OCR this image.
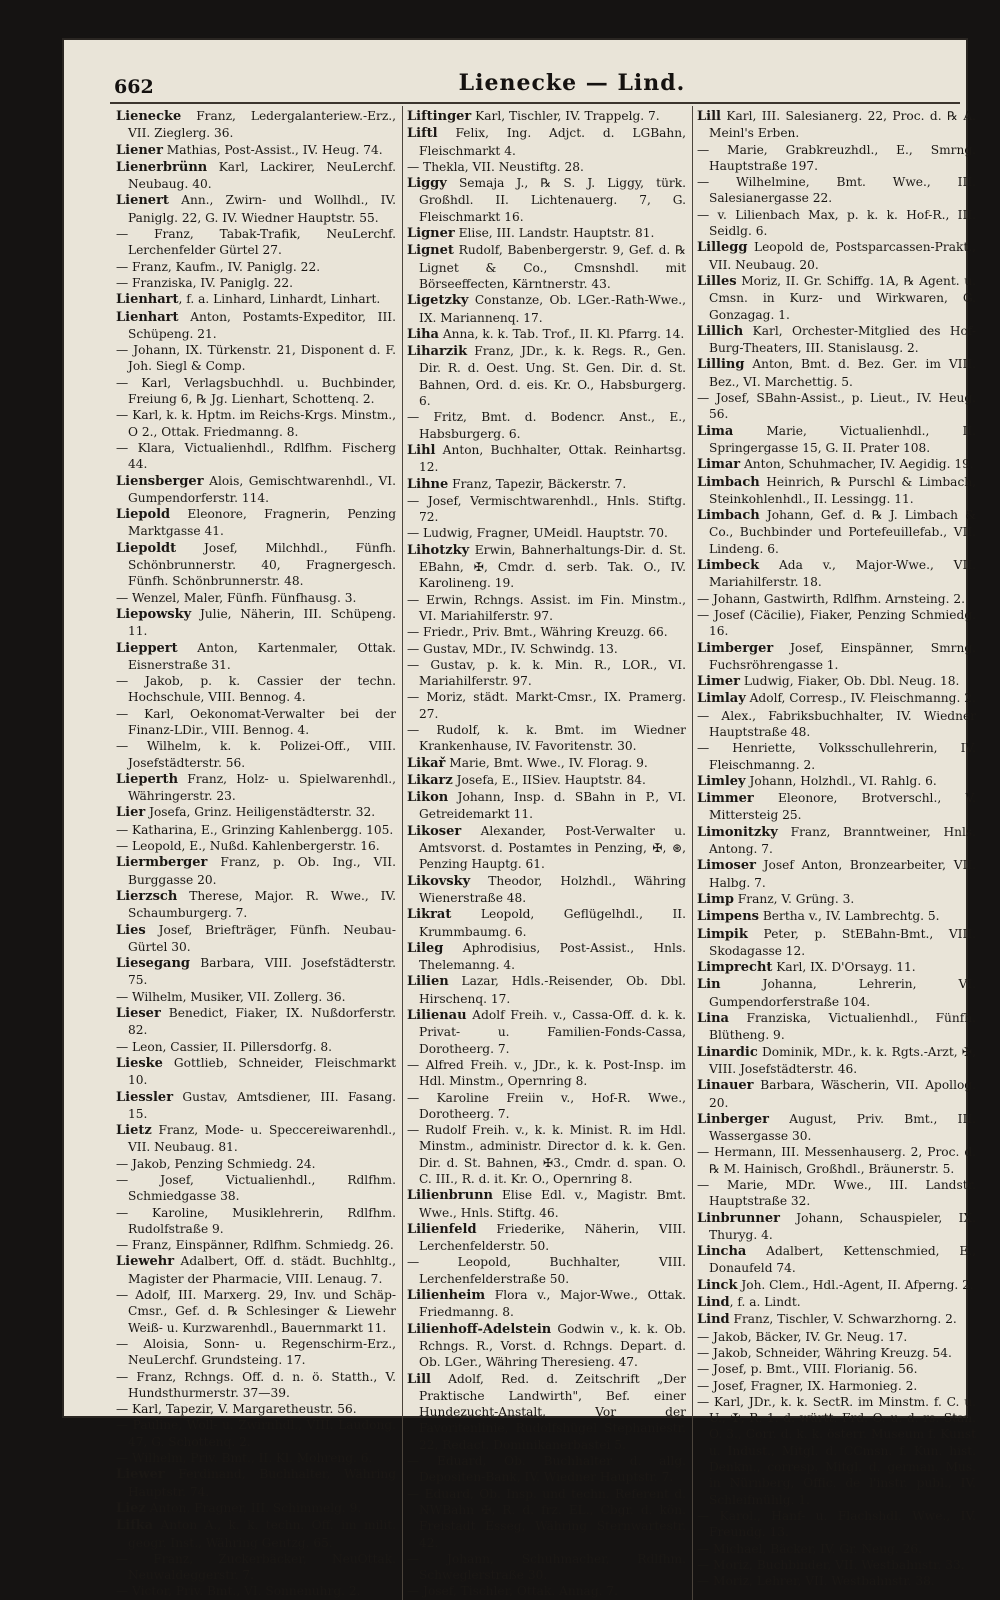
662	Lienecke — Lind.

Lienecke Franz, Ledergalanteriew.-Erz., VII. Zieglerg. 36.

Liener Mathias, Post-Assist., IV. Heug. 74.

Lienerbrünn Karl, Lackirer, NeuLerchf. Neubaug. 40.

Lienert Ann., Zwirn- und Wollhdl., IV. Paniglg. 22, G. IV. Wiedner Hauptstr. 55.

— Franz, Tabak-Trafik, NeuLerchf. Lerchenfelder Gürtel 27.

— Franz, Kaufm., IV. Paniglg. 22.

— Franziska, IV. Paniglg. 22.

Lienhart, f. a. Linhard, Linhardt, Linhart.

Lienhart Anton, Postamts-Expeditor, III. Schüpeng. 21.

— Johann, IX. Türkenstr. 21, Disponent d. F. Joh. Siegl & Comp.

— Karl, Verlagsbuchhdl. u. Buchbinder, Freiung 6, ℞ Jg. Lienhart, Schottenq. 2.

— Karl, k. k. Hptm. im Reichs-Krgs. Minstm., O 2., Ottak. Friedmanng. 8.

— Klara, Victualienhdl., Rdlfhm. Fischerg 44.

Liensberger Alois, Gemischtwarenhdl., VI. Gumpendorferstr. 114.

Liepold Eleonore, Fragnerin, Penzing Marktgasse 41.

Liepoldt Josef, Milchhdl., Fünfh. Schönbrunnerstr. 40, Fragnergesch. Fünfh. Schönbrunnerstr. 48.

— Wenzel, Maler, Fünfh. Fünfhausg. 3.

Liepowsky Julie, Näherin, III. Schüpeng. 11.

Lieppert Anton, Kartenmaler, Ottak. Eisnerstraße 31.

— Jakob, p. k. Cassier der techn. Hochschule, VIII. Bennog. 4.

— Karl, Oekonomat-Verwalter bei der Finanz-LDir., VIII. Bennog. 4.

— Wilhelm, k. k. Polizei-Off., VIII. Josefstädterstr. 56.

Lieperth Franz, Holz- u. Spielwarenhdl., Währingerstr. 23.

Lier Josefa, Grinz. Heiligenstädterstr. 32.

— Katharina, E., Grinzing Kahlenbergg. 105.

— Leopold, E., Nußd. Kahlenbergerstr. 16.

Liermberger Franz, p. Ob. Ing., VII. Burggasse 20.

Lierzsch Therese, Major. R. Wwe., IV. Schaumburgerg. 7.

Lies Josef, Briefträger, Fünfh. Neubau-Gürtel 30.

Liesegang Barbara, VIII. Josefstädterstr. 75.

— Wilhelm, Musiker, VII. Zollerg. 36.

Lieser Benedict, Fiaker, IX. Nußdorferstr. 82.

— Leon, Cassier, II. Pillersdorfg. 8.

Lieske Gottlieb, Schneider, Fleischmarkt 10.

Liessler Gustav, Amtsdiener, III. Fasang. 15.

Lietz Franz, Mode- u. Speccereiwarenhdl., VII. Neubaug. 81.

— Jakob, Penzing Schmiedg. 24.

— Josef, Victualienhdl., Rdlfhm. Schmiedgasse 38.

— Karoline, Musiklehrerin, Rdlfhm. Rudolfstraße 9.

— Franz, Einspänner, Rdlfhm. Schmiedg. 26.

Liewehr Adalbert, Off. d. städt. Buchhltg., Magister der Pharmacie, VIII. Lenaug. 7.

— Adolf, III. Marxerg. 29, Inv. und Schäp-Cmsr., Gef. d. ℞ Schlesinger & Liewehr Weiß- u. Kurzwarenhdl., Bauernmarkt 11.

— Aloisia, Sonn- u. Regenschirm-Erz., NeuLerchf. Grundsteing. 17.

— Franz, Rchngs. Off. d. n. ö. Statth., V. Hundsthurmerstr. 37—39.

— Karl, Tapezir, V. Margaretheustr. 56.

— Pauline, Woll- u. Zwirnhdl., VIII. Laudong. 47, G. Schottenq. 2.

— Wilhelm, Priv. Bmt., II. Kl. Mohreng. 6.

Liewer Ferdinand, Buchhalter, Währing Hauptstr. 74.

Liez Anton, Fragner, III. Schimmelg. 9.

Lifka Anton A., k. k. techn. Off. im milit. geogr. Inst., Währing Gentzg. 65.

— Franz, Zuckerbäcker, NeuOttak. Neuwaldeggerstr. 7.

— Victor, Priv. Bmt., VI. Sonnenuhrg. 2.

Liftinger Karl, Tischler, IV. Trappelg. 7.

Liftl Felix, Ing. Adjct. d. LGBahn, Fleischmarkt 4.

— Thekla, VII. Neustiftg. 28.

Liggy Semaja J., ℞ S. J. Liggy, türk. Großhdl. II. Lichtenauerg. 7, G. Fleischmarkt 16.

Ligner Elise, III. Landstr. Hauptstr. 81.

Lignet Rudolf, Babenbergerstr. 9, Gef. d. ℞ Lignet & Co., Cmsnshdl. mit Börseeffecten, Kärntnerstr. 43.

Ligetzky Constanze, Ob. LGer.-Rath-Wwe., IX. Mariannenq. 17.

Liha Anna, k. k. Tab. Trof., II. Kl. Pfarrg. 14.

Liharzik Franz, JDr., k. k. Regs. R., Gen. Dir. R. d. Oest. Ung. St. Gen. Dir. d. St. Bahnen, Ord. d. eis. Kr. O., Habsburgerg. 6.

— Fritz, Bmt. d. Bodencr. Anst., E., Habsburgerg. 6.

Lihl Anton, Buchhalter, Ottak. Reinhartsg. 12.

Lihne Franz, Tapezir, Bäckerstr. 7.

— Josef, Vermischtwarenhdl., Hnls. Stiftg. 72.

— Ludwig, Fragner, UMeidl. Hauptstr. 70.

Lihotzky Erwin, Bahnerhaltungs-Dir. d. St. EBahn, ✠, Cmdr. d. serb. Tak. O., IV. Karolineng. 19.

— Erwin, Rchngs. Assist. im Fin. Minstm., VI. Mariahilferstr. 97.

— Friedr., Priv. Bmt., Währing Kreuzg. 66.

— Gustav, MDr., IV. Schwindg. 13.

— Gustav, p. k. k. Min. R., LOR., VI. Mariahilferstr. 97.

— Moriz, städt. Markt-Cmsr., IX. Pramerg. 27.

— Rudolf, k. k. Bmt. im Wiedner Krankenhause, IV. Favoritenstr. 30.

Likař Marie, Bmt. Wwe., IV. Florag. 9.

Likarz Josefa, E., IISiev. Hauptstr. 84.

Likon Johann, Insp. d. SBahn in P., VI. Getreidemarkt 11.

Likoser Alexander, Post-Verwalter u. Amtsvorst. d. Postamtes in Penzing, ✠, ⊛, Penzing Hauptg. 61.

Likovsky Theodor, Holzhdl., Währing Wienerstraße 48.

Likrat Leopold, Geflügelhdl., II. Krummbaumg. 6.

Lileg Aphrodisius, Post-Assist., Hnls. Thelemanng. 4.

Lilien Lazar, Hdls.-Reisender, Ob. Dbl. Hirschenq. 17.

Lilienau Adolf Freih. v., Cassa-Off. d. k. k. Privat- u. Familien-Fonds-Cassa, Dorotheerg. 7.

— Alfred Freih. v., JDr., k. k. Post-Insp. im Hdl. Minstm., Opernring 8.

— Karoline Freiin v., Hof-R. Wwe., Dorotheerg. 7.

— Rudolf Freih. v., k. k. Minist. R. im Hdl. Minstm., administr. Director d. k. k. Gen. Dir. d. St. Bahnen, ✠3., Cmdr. d. span. O. C. III., R. d. it. Kr. O., Opernring 8.

Lilienbrunn Elise Edl. v., Magistr. Bmt. Wwe., Hnls. Stiftg. 46.

Lilienfeld Friederike, Näherin, VIII. Lerchenfelderstr. 50.

— Leopold, Buchhalter, VIII. Lerchenfelderstraße 50.

Lilienheim Flora v., Major-Wwe., Ottak. Friedmanng. 8.

Lilienhoff-Adelstein Godwin v., k. k. Ob. Rchngs. R., Vorst. d. Rchngs. Depart. d. Ob. LGer., Währing Theresieng. 47.

Lill Adolf, Red. d. Zeitschrift „Der Praktische Landwirth", Bef. einer Hundezucht-Anstalt, Vor der Favoritenlinie, Rudolfshügel Stephaniestr. 22, Redact. Dominikanerbastei 5.

— Eduard, Ob. Buchhalter d. allg. Depositen-Bank, IV. Wiedner Hauptstr. 7.

— Eduard, Ob. Insp. und techn. Referent d. NWBahn ✠, R. d. frz. EL., Cbgr. d. kön. Freistadt Esseg, Währing Sternwartestr. 42.

— Johann, Schuhmacher, Rdlfhm. Schweglerstraße 30.

— Josef, Tischler, Ottak. Annag. 7.

Lill Karl, III. Salesianerg. 22, Proc. d. ℞ A. Meinl's Erben.

— Marie, Grabkreuzhdl., E., Smrng. Hauptstraße 197.

— Wilhelmine, Bmt. Wwe., III. Salesianergasse 22.

— v. Lilienbach Max, p. k. k. Hof-R., III. Seidlg. 6.

Lillegg Leopold de, Postsparcassen-Prakt., VII. Neubaug. 20.

Lilles Moriz, II. Gr. Schiffg. 1A, ℞ Agent. u. Cmsn. in Kurz- und Wirkwaren, G. Gonzagag. 1.

Lillich Karl, Orchester-Mitglied des Hof-Burg-Theaters, III. Stanislausg. 2.

Lilling Anton, Bmt. d. Bez. Ger. im VIII. Bez., VI. Marchettig. 5.

— Josef, SBahn-Assist., p. Lieut., IV. Heug. 56.

Lima Marie, Victualienhdl., II. Springergasse 15, G. II. Prater 108.

Limar Anton, Schuhmacher, IV. Aegidig. 19.

Limbach Heinrich, ℞ Purschl & Limbach, Steinkohlenhdl., II. Lessingg. 11.

Limbach Johann, Gef. d. ℞ J. Limbach & Co., Buchbinder und Portefeuillefab., VII. Lindeng. 6.

Limbeck Ada v., Major-Wwe., VII. Mariahilferstr. 18.

— Johann, Gastwirth, Rdlfhm. Arnsteing. 2.

— Josef (Cäcilie), Fiaker, Penzing Schmiedg. 16.

Limberger Josef, Einspänner, Smrng. Fuchsröhrengasse 1.

Limer Ludwig, Fiaker, Ob. Dbl. Neug. 18.

Limlay Adolf, Corresp., IV. Fleischmanng. 2.

— Alex., Fabriksbuchhalter, IV. Wiedner Hauptstraße 48.

— Henriette, Volksschullehrerin, IV. Fleischmanng. 2.

Limley Johann, Holzhdl., VI. Rahlg. 6.

Limmer Eleonore, Brotverschl., V. Mittersteig 25.

Limonitzky Franz, Branntweiner, Hnls. Antong. 7.

Limoser Josef Anton, Bronzearbeiter, VII. Halbg. 7.

Limp Franz, V. Grüng. 3.

Limpens Bertha v., IV. Lambrechtg. 5.

Limpik Peter, p. StEBahn-Bmt., VIII. Skodagasse 12.

Limprecht Karl, IX. D'Orsayg. 11.

Lin Johanna, Lehrerin, VI. Gumpendorferstraße 104.

Lina Franziska, Victualienhdl., Fünfh. Blütheng. 9.

Linardic Dominik, MDr., k. k. Rgts.-Arzt, ✠, VIII. Josefstädterstr. 46.

Linauer Barbara, Wäscherin, VII. Apollog. 20.

Linberger August, Priv. Bmt., III. Wassergasse 30.

— Hermann, III. Messenhauserg. 2, Proc. d. ℞ M. Hainisch, Großhdl., Bräunerstr. 5.

— Marie, MDr. Wwe., III. Landstr. Hauptstraße 32.

Linbrunner Johann, Schauspieler, IX. Thuryg. 4.

Lincha Adalbert, Kettenschmied, E., Donaufeld 74.

Linck Joh. Clem., Hdl.-Agent, II. Afperng. 2.

Lind, f. a. Lindt.

Lind Franz, Tischler, V. Schwarzhorng. 2.

— Jakob, Bäcker, IV. Gr. Neug. 17.

— Jakob, Schneider, Währing Kreuzg. 54.

— Josef, p. Bmt., VIII. Florianig. 56.

— Josef, Fragner, IX. Harmonieg. 2.

— Karl, JDr., k. k. SectR. im Minstm. f. C. u. U., ✠, R. 1. d. württ. Frd. O. u. d. rs. Stan. O. 3., Corr. d. k. k. österr. Museum f. Kunst u. Indust., Mitgl. d. CCmsn. f. Kun. hist. Denkm., corresp. Mitgl. d. german. Mus. in Nürnberg, Offic. de l'instr. publ., IV. Schleifmühlg. 1.

— Karol., Hanf- u. Flachshdl. Wwe., IV. Freundg. 13.

— Michael, Bäcker, IV. Gr. Neug. 26.

— Moriz, Buchbinder, VII. Westbahnstr. 33.

— Moriz, Lehrer, VII. Westbahnstr. 38.
